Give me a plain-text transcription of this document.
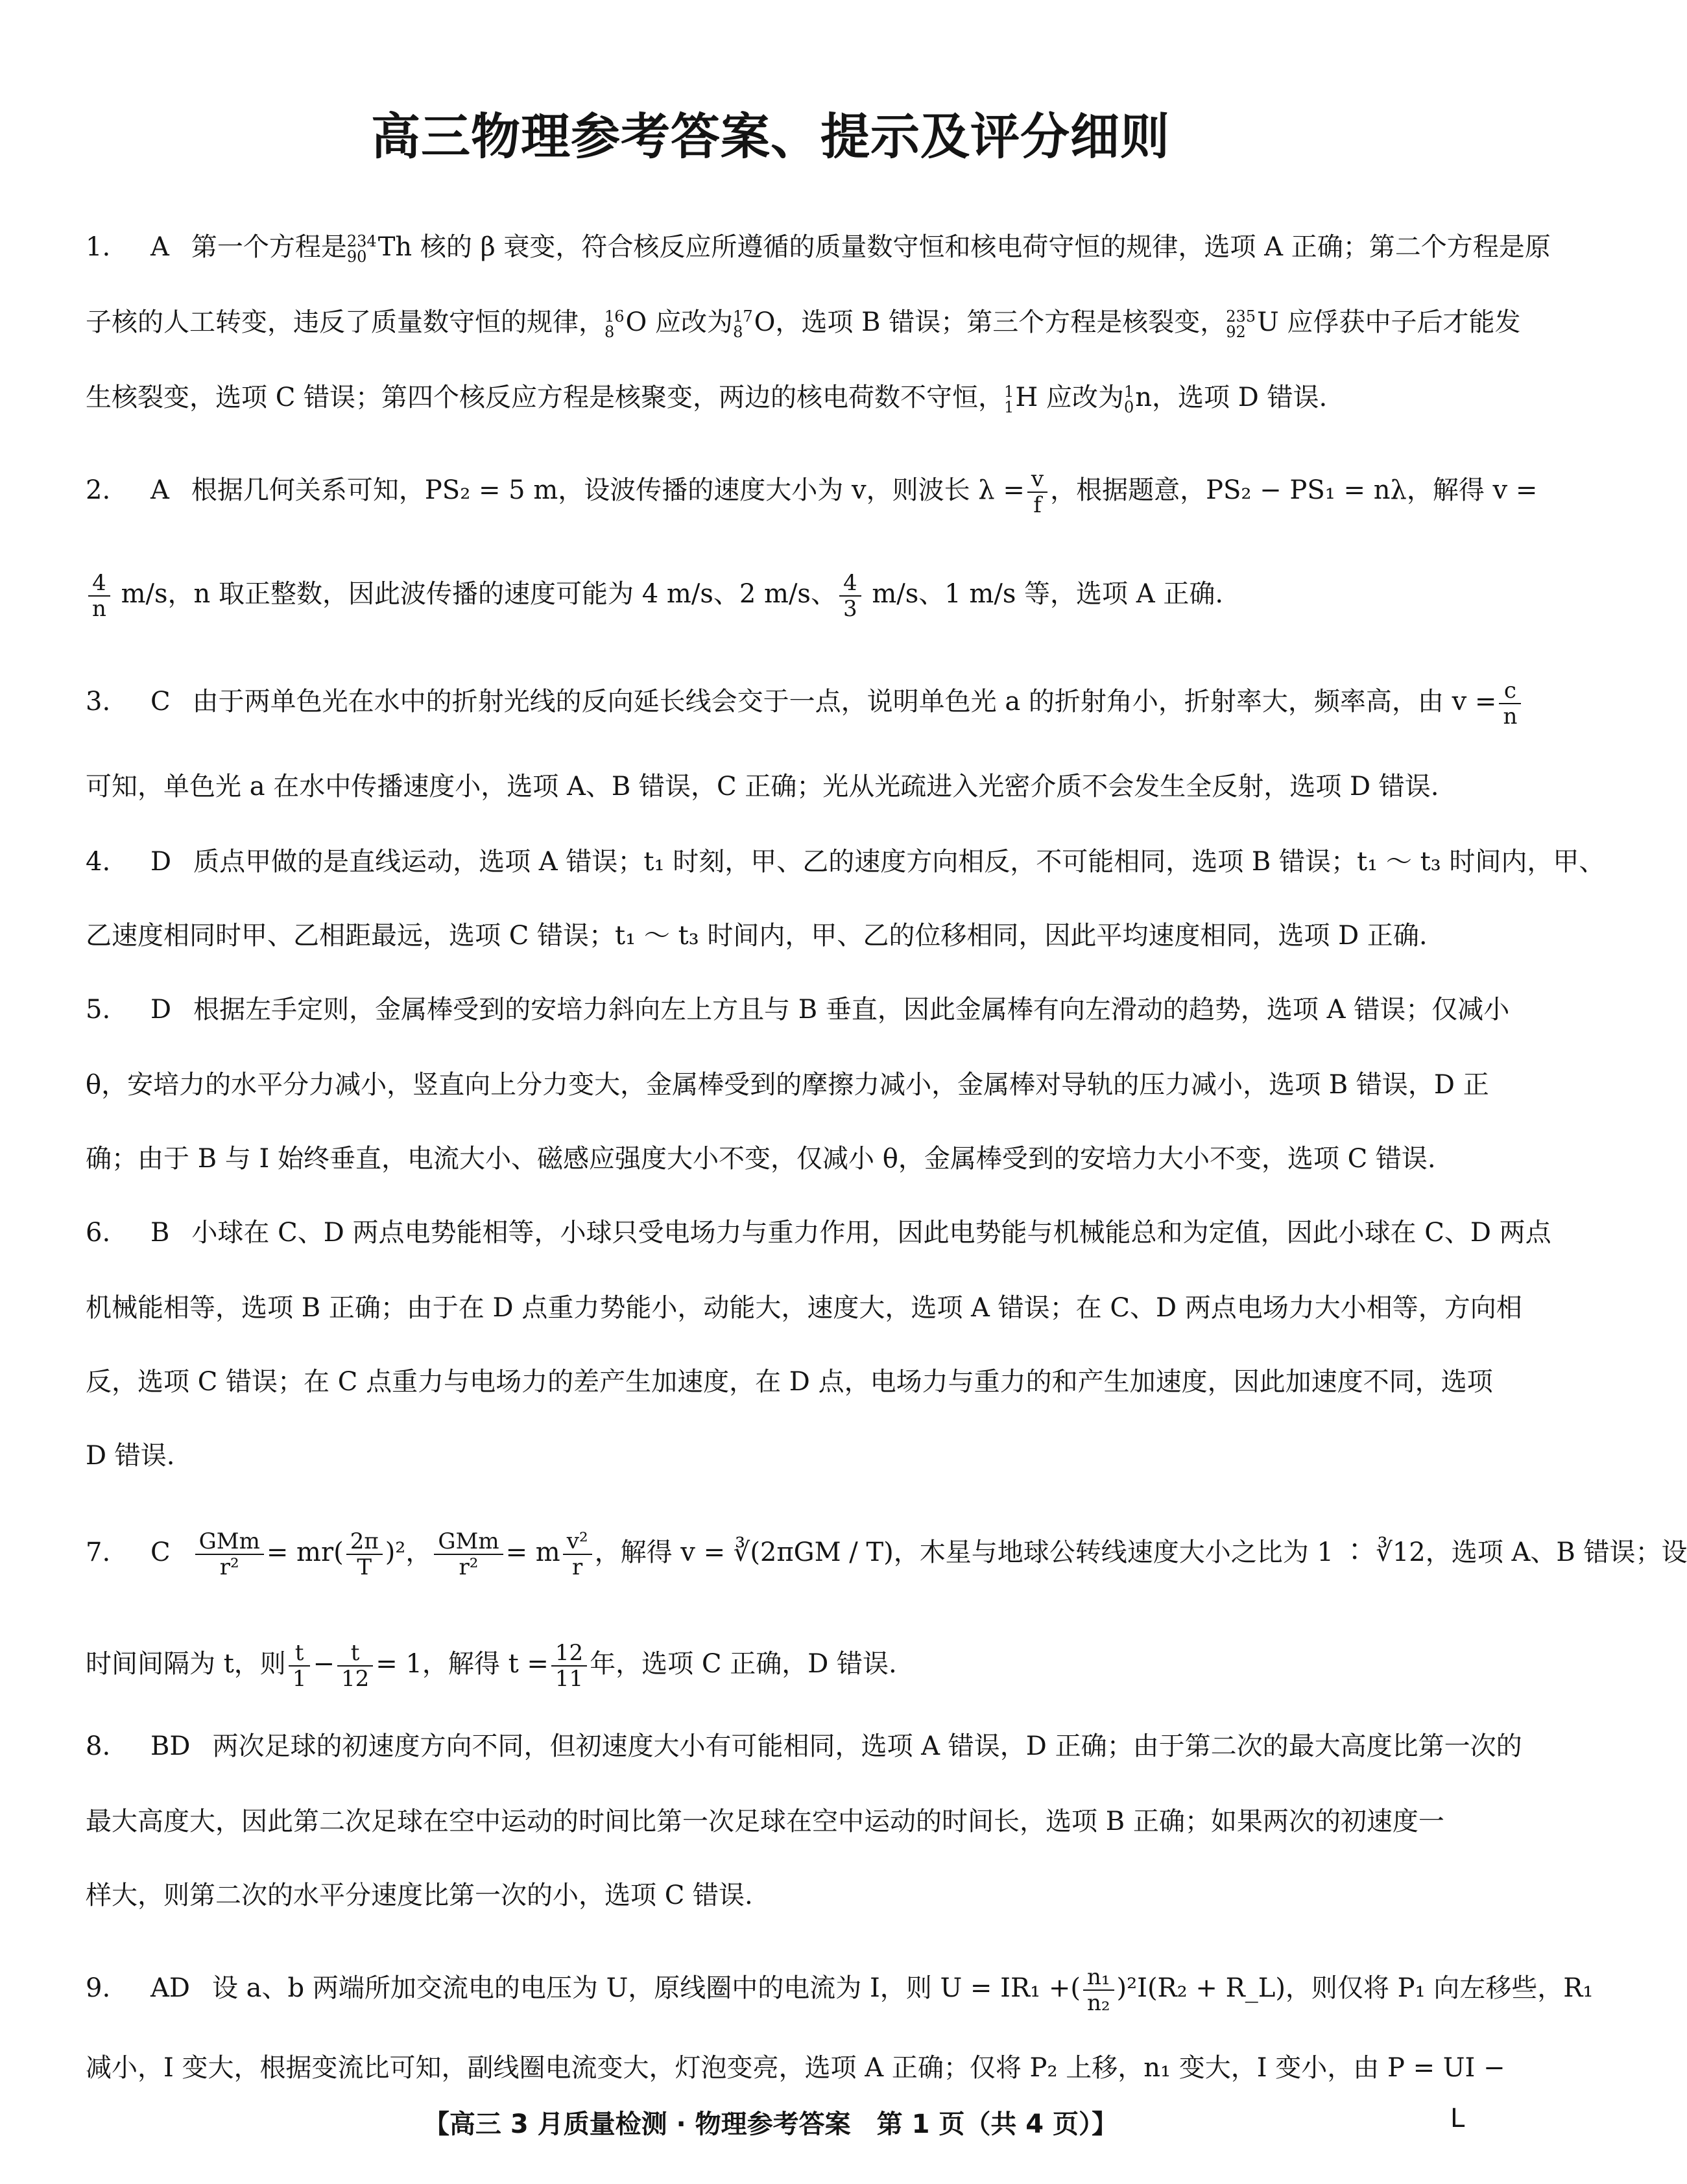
高三物理参考答案、提示及评分细则
1. A 第一个方程是 234
90 Th 核的 β 衰变，符合核反应所遵循的质量数守恒和核电荷守恒的规律，选项 A 正确；第二个方程是原
子核的人工转变，违反了质量数守恒的规律， 16
8 O 应改为 17
8 O，选项 B 错误；第三个方程是核裂变， 235
92 U 应俘获中子后才能发
生核裂变，选项 C 错误；第四个核反应方程是核聚变，两边的核电荷数不守恒， 1
1 H 应改为 1
0 n，选项 D 错误.
2. A 根据几何关系可知，PS₂ = 5 m，设波传播的速度大小为 v，则波长 $\lambda = \frac{v}{f}$ ，根据题意，PS₂ − PS₁ = nλ，解得 v =
$\frac{4}{n} m/s$，n 取正整数，因此波传播的速度可能为 4 m/s、2 m/s、 $\frac{4}{3} m/s$、1 m/s 等，选项 A 正确.
3. C 由于两单色光在水中的折射光线的反向延长线会交于一点，说明单色光 a 的折射角小，折射率大，频率高，由 $v = \frac{c}{n}$
可知，单色光 a 在水中传播速度小，选项 A、B 错误，C 正确；光从光疏进入光密介质不会发生全反射，选项 D 错误.
4. D 质点甲做的是直线运动，选项 A 错误；t₁ 时刻，甲、乙的速度方向相反，不可能相同，选项 B 错误；t₁ ～ t₃ 时间内，甲、
乙速度相同时甲、乙相距最远，选项 C 错误；t₁ ～ t₃ 时间内，甲、乙的位移相同，因此平均速度相同，选项 D 正确.
5. D 根据左手定则，金属棒受到的安培力斜向左上方且与 B 垂直，因此金属棒有向左滑动的趋势，选项 A 错误；仅减小
θ，安培力的水平分力减小，竖直向上分力变大，金属棒受到的摩擦力减小，金属棒对导轨的压力减小，选项 B 错误，D 正
确；由于 B 与 I 始终垂直，电流大小、磁感应强度大小不变，仅减小 θ，金属棒受到的安培力大小不变，选项 C 错误.
6. B 小球在 C、D 两点电势能相等，小球只受电场力与重力作用，因此电势能与机械能总和为定值，因此小球在 C、D 两点
机械能相等，选项 B 正确；由于在 D 点重力势能小，动能大，速度大，选项 A 错误；在 C、D 两点电场力大小相等，方向相
反，选项 C 错误；在 C 点重力与电场力的差产生加速度，在 D 点，电场力与重力的和产生加速度，因此加速度不同，选项
D 错误.
7. C $\frac{\text{GMm}}{\text{r²}} = mr( \frac{2\pi}{T} )^2$， $\frac{\text{GMm}}{\text{r²}} = m \frac{\text{v²}}{r}$ ，解得 v = ∛(2πGM / T)，木星与地球公转线速度大小之比为 1 ∶ ∛12，选项 A、B 错误；设
时间间隔为 t，则 $\frac{t}{1} - \frac{t}{12} = 1$，解得 $t = \frac{12}{11}$ 年，选项 C 正确，D 错误.
8. BD 两次足球的初速度方向不同，但初速度大小有可能相同，选项 A 错误，D 正确；由于第二次的最大高度比第一次的
最大高度大，因此第二次足球在空中运动的时间比第一次足球在空中运动的时间长，选项 B 正确；如果两次的初速度一
样大，则第二次的水平分速度比第一次的小，选项 C 错误.
9. AD 设 a、b 两端所加交流电的电压为 U，原线圈中的电流为 I，则 U = IR₁ +( $\frac{\text{n₁}}{\text{n₂}} )^2I(R_2$ + R_L)，则仅将 P₁ 向左移些，R₁
减小，I 变大，根据变流比可知，副线圈电流变大，灯泡变亮，选项 A 正确；仅将 P₂ 上移，n₁ 变大，I 变小，由 P = UI −
【高三 3 月质量检测 · 物理参考答案　第 1 页（共 4 页）】	L
